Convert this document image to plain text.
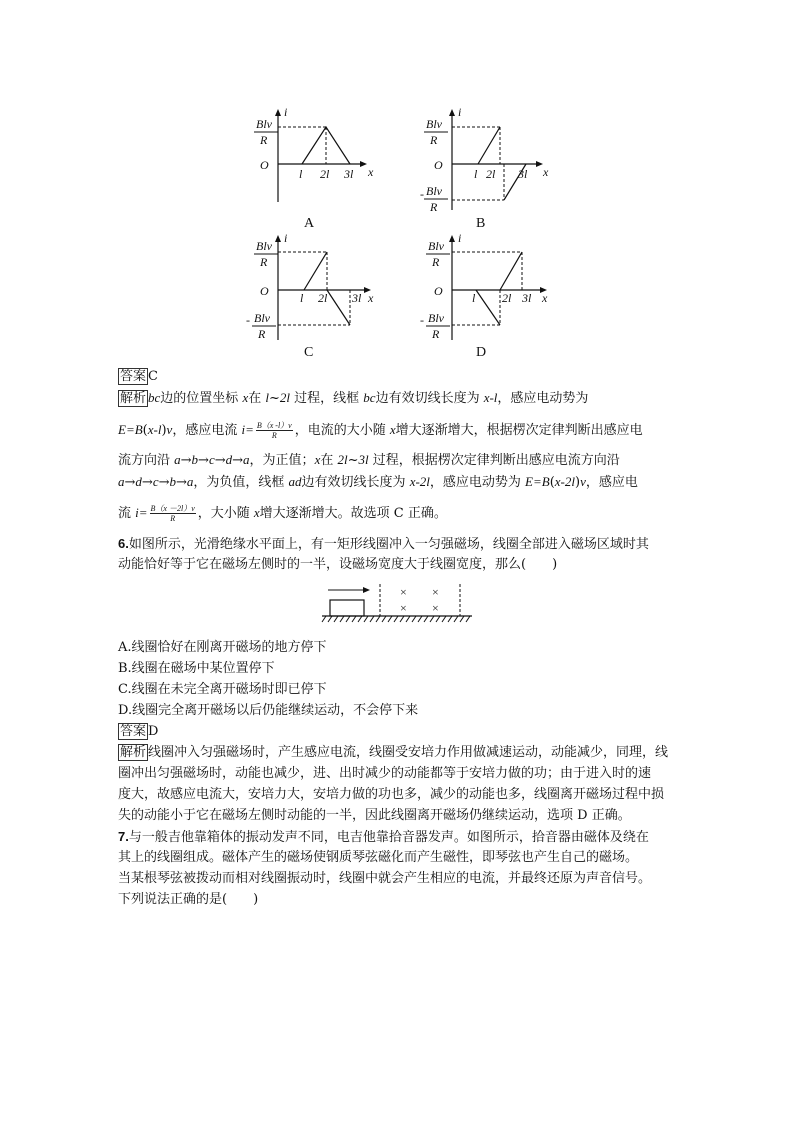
Blv
R
O
i
x
l 2l 3l
A
Blv
R
O
i
x
l 2l 3l
- Blv
R
B
Blv
R
O
i
x
l 2l 3l
- Blv
R
C
Blv
R
O
i
x
l 2l 3l
- Blv
R
D
答案 C
解析 bc边的位置坐标 x在 l~2l 过程，线框 bc边有效切线长度为 x-l，感应电动势为
E=B(x-l)v，感应电流 $i= \frac{B(x -l)v}{R}$ ，电流的大小随 x增大逐渐增大，根据楞次定律判断出感应电
流方向沿 a→b→c→d→a，为正值；x在 2l~3l 过程，根据楞次定律判断出感应电流方向沿
a→d→c→b→a，为负值，线框 ad边有效切线长度为 x-2l，感应电动势为 E=B(x-2l)v，感应电
流 $i= \frac{B(x -2l)v}{R}$ ，大小随 x增大逐渐增大。故选项 C 正确。
6.如图所示，光滑绝缘水平面上，有一矩形线圈冲入一匀强磁场，线圈全部进入磁场区域时其
动能恰好等于它在磁场左侧时的一半，设磁场宽度大于线圈宽度，那么(　　)
× ×
× ×
A.线圈恰好在刚离开磁场的地方停下
B.线圈在磁场中某位置停下
C.线圈在未完全离开磁场时即已停下
D.线圈完全离开磁场以后仍能继续运动，不会停下来
答案 D
解析 线圈冲入匀强磁场时，产生感应电流，线圈受安培力作用做减速运动，动能减少，同理，线
圈冲出匀强磁场时，动能也减少，进、出时减少的动能都等于安培力做的功；由于进入时的速
度大，故感应电流大，安培力大，安培力做的功也多，减少的动能也多，线圈离开磁场过程中损
失的动能小于它在磁场左侧时动能的一半，因此线圈离开磁场仍继续运动，选项 D 正确。
7.与一般吉他靠箱体的振动发声不同，电吉他靠拾音器发声。如图所示，拾音器由磁体及绕在
其上的线圈组成。磁体产生的磁场使钢质琴弦磁化而产生磁性，即琴弦也产生自己的磁场。
当某根琴弦被拨动而相对线圈振动时，线圈中就会产生相应的电流，并最终还原为声音信号。
下列说法正确的是(　　)
